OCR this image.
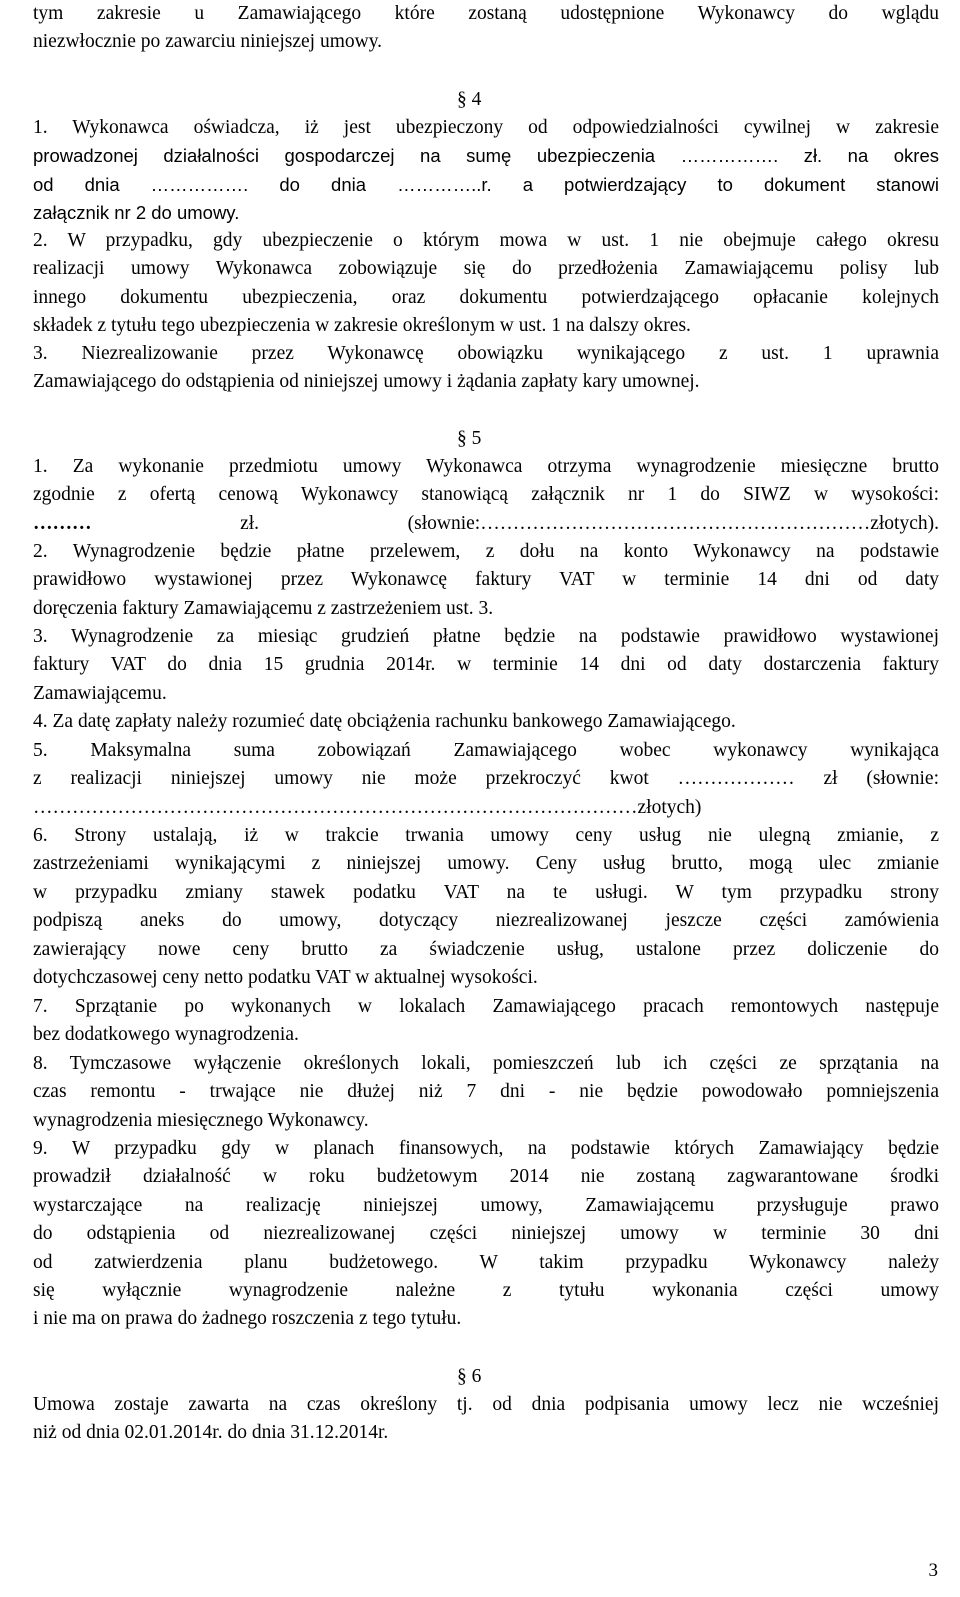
tym zakresie u Zamawiającego które zostaną udostępnione Wykonawcy do wglądu
niezwłocznie po zawarciu niniejszej umowy.
§ 4
1. Wykonawca oświadcza, iż jest ubezpieczony od odpowiedzialności cywilnej w zakresie
prowadzonej działalności gospodarczej na sumę ubezpieczenia ……………. zł. na okres
od dnia ……………. do dnia …………..r. a potwierdzający to dokument stanowi
załącznik nr 2 do umowy.
2. W przypadku, gdy ubezpieczenie o którym mowa w ust. 1 nie obejmuje całego okresu
realizacji umowy Wykonawca zobowiązuje się do przedłożenia Zamawiającemu polisy lub
innego dokumentu ubezpieczenia, oraz dokumentu potwierdzającego opłacanie kolejnych
składek z tytułu tego ubezpieczenia w zakresie określonym w ust. 1 na dalszy okres.
3. Niezrealizowanie przez Wykonawcę obowiązku wynikającego z ust. 1 uprawnia
Zamawiającego do odstąpienia od niniejszej umowy i żądania zapłaty kary umownej.
§ 5
1. Za wykonanie przedmiotu umowy Wykonawca otrzyma wynagrodzenie miesięczne brutto
zgodnie z ofertą cenową Wykonawcy stanowiącą załącznik nr 1 do SIWZ w wysokości:
……… zł. (słownie:……………………………………………………złotych).
2. Wynagrodzenie będzie płatne przelewem, z dołu na konto Wykonawcy na podstawie
prawidłowo wystawionej przez Wykonawcę faktury VAT w terminie 14 dni od daty
doręczenia faktury Zamawiającemu z zastrzeżeniem ust. 3.
3. Wynagrodzenie za miesiąc grudzień płatne będzie na podstawie prawidłowo wystawionej
faktury VAT do dnia 15 grudnia 2014r. w terminie 14 dni od daty dostarczenia faktury
Zamawiającemu.
4. Za datę zapłaty należy rozumieć datę obciążenia rachunku bankowego Zamawiającego.
5. Maksymalna suma zobowiązań Zamawiającego wobec wykonawcy wynikająca
z realizacji niniejszej umowy nie może przekroczyć kwot ……………… zł (słownie:
…………………………………………………………………………………złotych)
6. Strony ustalają, iż w trakcie trwania umowy ceny usług nie ulegną zmianie, z
zastrzeżeniami wynikającymi z niniejszej umowy. Ceny usług brutto, mogą ulec zmianie
w przypadku zmiany stawek podatku VAT na te usługi. W tym przypadku strony
podpiszą aneks do umowy, dotyczący niezrealizowanej jeszcze części zamówienia
zawierający nowe ceny brutto za świadczenie usług, ustalone przez doliczenie do
dotychczasowej ceny netto podatku VAT w aktualnej wysokości.
7. Sprzątanie po wykonanych w lokalach Zamawiającego pracach remontowych następuje
bez dodatkowego wynagrodzenia.
8. Tymczasowe wyłączenie określonych lokali, pomieszczeń lub ich części ze sprzątania na
czas remontu - trwające nie dłużej niż 7 dni - nie będzie powodowało pomniejszenia
wynagrodzenia miesięcznego Wykonawcy.
9. W przypadku gdy w planach finansowych, na podstawie których Zamawiający będzie
prowadził działalność w roku budżetowym 2014 nie zostaną zagwarantowane środki
wystarczające na realizację niniejszej umowy, Zamawiającemu przysługuje prawo
do odstąpienia od niezrealizowanej części niniejszej umowy w terminie 30 dni
od zatwierdzenia planu budżetowego. W takim przypadku Wykonawcy należy
się wyłącznie wynagrodzenie należne z tytułu wykonania części umowy
i nie ma on prawa do żadnego roszczenia z tego tytułu.
§ 6
Umowa zostaje zawarta na czas określony tj. od dnia podpisania umowy lecz nie wcześniej
niż od dnia 02.01.2014r. do dnia 31.12.2014r.
3
